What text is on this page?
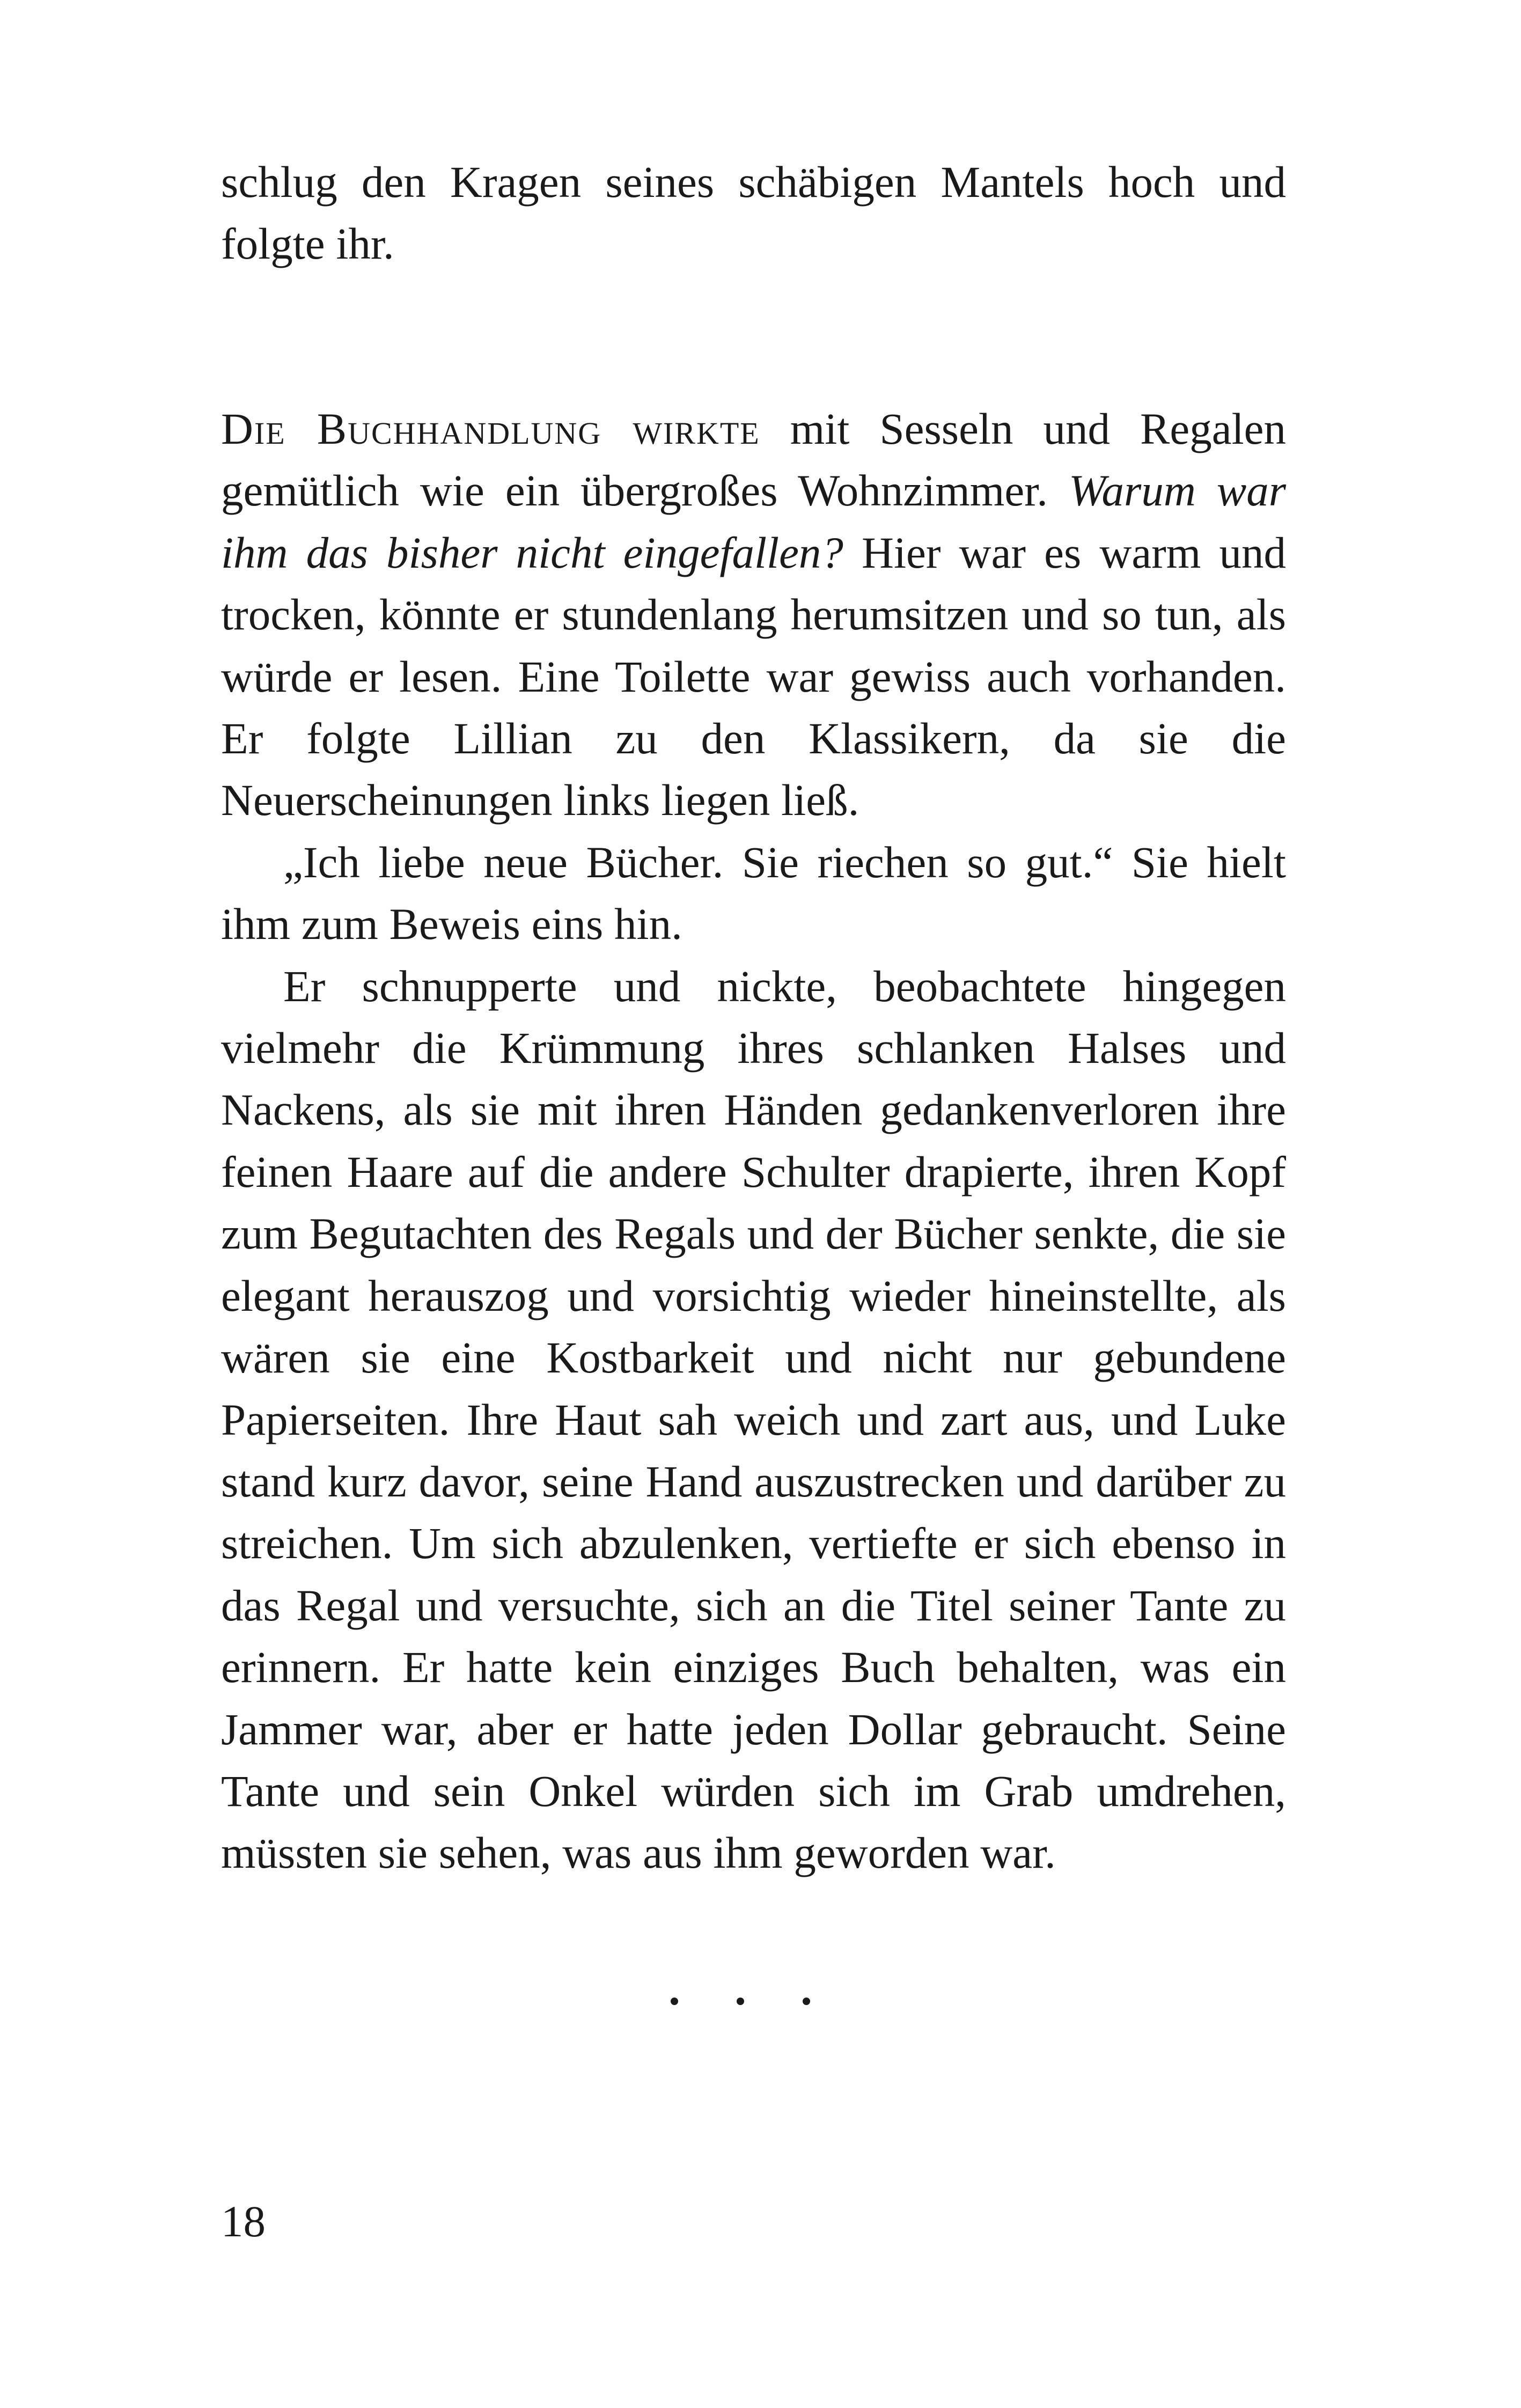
schlug den Kragen seines schäbigen Mantels hoch und folgte ihr.

Die Buchhandlung wirkte mit Sesseln und Regalen gemütlich wie ein übergroßes Wohnzimmer. Warum war ihm das bisher nicht eingefallen? Hier war es warm und trocken, könnte er stundenlang herumsitzen und so tun, als würde er lesen. Eine Toilette war gewiss auch vorhanden. Er folgte Lillian zu den Klassikern, da sie die Neuerscheinungen links liegen ließ.

„Ich liebe neue Bücher. Sie riechen so gut.“ Sie hielt ihm zum Beweis eins hin.

Er schnupperte und nickte, beobachtete hingegen vielmehr die Krümmung ihres schlanken Halses und Nackens, als sie mit ihren Händen gedankenverloren ihre feinen Haare auf die andere Schulter drapierte, ihren Kopf zum Begutachten des Regals und der Bücher senkte, die sie elegant herauszog und vorsichtig wieder hineinstellte, als wären sie eine Kostbarkeit und nicht nur gebundene Papierseiten. Ihre Haut sah weich und zart aus, und Luke stand kurz davor, seine Hand auszustrecken und darüber zu streichen. Um sich abzulenken, vertiefte er sich ebenso in das Regal und versuchte, sich an die Titel seiner Tante zu erinnern. Er hatte kein einziges Buch behalten, was ein Jammer war, aber er hatte jeden Dollar gebraucht. Seine Tante und sein Onkel würden sich im Grab umdrehen, müssten sie sehen, was aus ihm geworden war.

18
